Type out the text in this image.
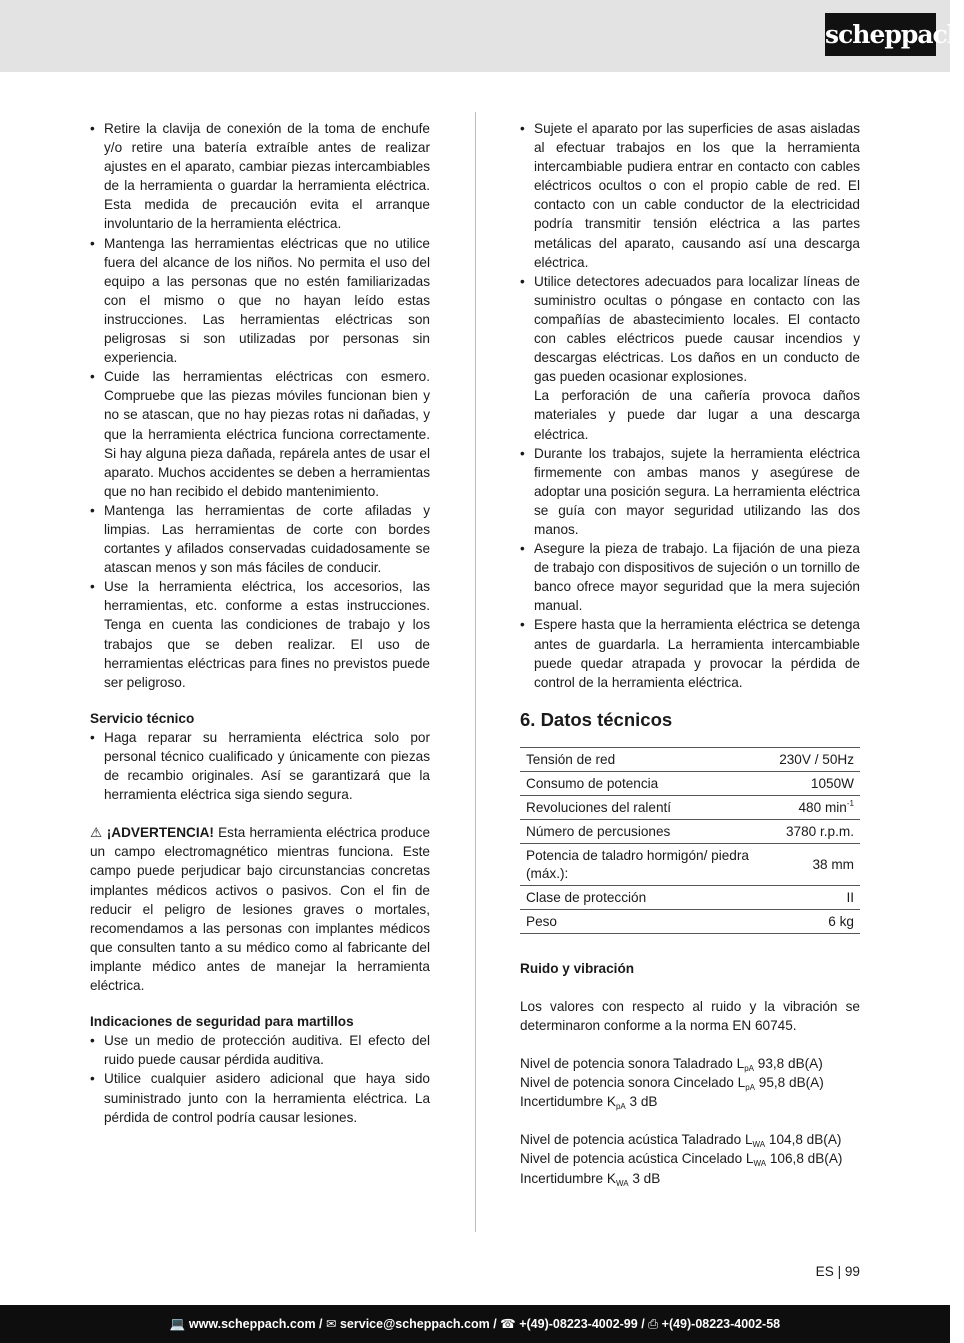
scheppach
• Retire la clavija de conexión de la toma de enchufe y/o retire una batería extraíble antes de realizar ajustes en el aparato, cambiar piezas intercambiables de la herramienta o guardar la herramienta eléctrica. Esta medida de precaución evita el arranque involuntario de la herramienta eléctrica.
• Mantenga las herramientas eléctricas que no utilice fuera del alcance de los niños. No permita el uso del equipo a las personas que no estén familiarizadas con el mismo o que no hayan leído estas instrucciones. Las herramientas eléctricas son peligrosas si son utilizadas por personas sin experiencia.
• Cuide las herramientas eléctricas con esmero. Compruebe que las piezas móviles funcionan bien y no se atascan, que no hay piezas rotas ni dañadas, y que la herramienta eléctrica funciona correctamente. Si hay alguna pieza dañada, repárela antes de usar el aparato. Muchos accidentes se deben a herramientas que no han recibido el debido mantenimiento.
• Mantenga las herramientas de corte afiladas y limpias. Las herramientas de corte con bordes cortantes y afilados conservadas cuidadosamente se atascan menos y son más fáciles de conducir.
• Use la herramienta eléctrica, los accesorios, las herramientas, etc. conforme a estas instrucciones. Tenga en cuenta las condiciones de trabajo y los trabajos que se deben realizar. El uso de herramientas eléctricas para fines no previstos puede ser peligroso.
Servicio técnico
• Haga reparar su herramienta eléctrica solo por personal técnico cualificado y únicamente con piezas de recambio originales. Así se garantizará que la herramienta eléctrica siga siendo segura.

⚠ ¡ADVERTENCIA! Esta herramienta eléctrica produce un campo electromagnético mientras funciona. Este campo puede perjudicar bajo circunstancias concretas implantes médicos activos o pasivos. Con el fin de reducir el peligro de lesiones graves o mortales, recomendamos a las personas con implantes médicos que consulten tanto a su médico como al fabricante del implante médico antes de manejar la herramienta eléctrica.

Indicaciones de seguridad para martillos
• Use un medio de protección auditiva. El efecto del ruido puede causar pérdida auditiva.
• Utilice cualquier asidero adicional que haya sido suministrado junto con la herramienta eléctrica. La pérdida de control podría causar lesiones.
• Sujete el aparato por las superficies de asas aisladas al efectuar trabajos en los que la herramienta intercambiable pudiera entrar en contacto con cables eléctricos ocultos o con el propio cable de red. El contacto con un cable conductor de la electricidad podría transmitir tensión eléctrica a las partes metálicas del aparato, causando así una descarga eléctrica.
• Utilice detectores adecuados para localizar líneas de suministro ocultas o póngase en contacto con las compañías de abastecimiento locales. El contacto con cables eléctricos puede causar incendios y descargas eléctricas. Los daños en un conducto de gas pueden ocasionar explosiones.
La perforación de una cañería provoca daños materiales y puede dar lugar a una descarga eléctrica.
• Durante los trabajos, sujete la herramienta eléctrica firmemente con ambas manos y asegúrese de adoptar una posición segura. La herramienta eléctrica se guía con mayor seguridad utilizando las dos manos.
• Asegure la pieza de trabajo. La fijación de una pieza de trabajo con dispositivos de sujeción o un tornillo de banco ofrece mayor seguridad que la mera sujeción manual.
• Espere hasta que la herramienta eléctrica se detenga antes de guardarla. La herramienta intercambiable puede quedar atrapada y provocar la pérdida de control de la herramienta eléctrica.
6. Datos técnicos
Tensión de red	230V / 50Hz
Consumo de potencia	1050W
Revoluciones del ralentí	480 $\min^{-1}$
Número de percusiones	3780 r.p.m.
Potencia de taladro hormigón/ piedra (máx.):	38 mm
Clase de protección	II
Peso	6 kg
Ruido y vibración

Los valores con respecto al ruido y la vibración se determinaron conforme a la norma EN 60745.

Nivel de potencia sonora Taladrado $L_{pA}$ 93,8 dB(A)
Nivel de potencia sonora Cincelado $L_{pA}$ 95,8 dB(A)
Incertidumbre $K_{pA}$ 3 dB
Nivel de potencia acústica Taladrado $L_{WA}$ 104,8 dB(A)
Nivel de potencia acústica Cincelado $L_{WA}$ 106,8 dB(A)
Incertidumbre $K_{WA}$ 3 dB
ES | 99
💻 www.scheppach.com / ✉ service@scheppach.com / ☎ +(49)-08223-4002-99 / ⎙ +(49)-08223-4002-58
